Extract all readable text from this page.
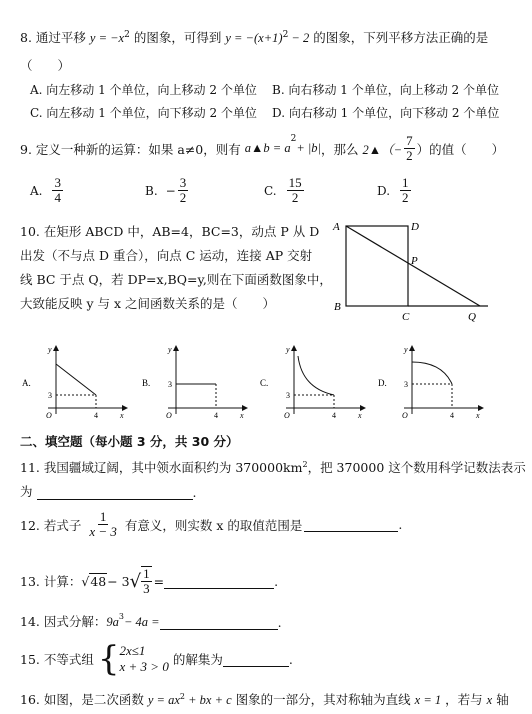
8. 通过平移 $y = -x^2$ 的图象，可得到 $y = -(x+1)^2 - 2$ 的图象，下列平移方法正确的是
（　　）
A. 向左移动 1 个单位，向上移动 2 个单位 B. 向右移动 1 个单位，向上移动 2 个单位
C. 向左移动 1 个单位，向下移动 2 个单位 D. 向右移动 1 个单位，向下移动 2 个单位
9. 定义一种新的运算：如果 a≠0，则有 a▲b = a
$^2$
+ |b| ，那么 2▲（− $\frac{7}{2}$ ）的值（　　）
A. $\frac{3}{4}$	B. − $\frac{3}{2}$	C. $\frac{15}{2}$	D. $\frac{1}{2}$
10. 在矩形 ABCD 中，AB=4，BC=3，动点 P 从 D
出发（不与点 D 重合），向点 C 运动，连接 AP 交射
线 BC 于点 Q，若 DP=x,BQ=y,则在下面函数图象中，
大致能反映 y 与 x 之间函数关系的是（　　）
A	D
P
B
C	Q
A.
y
x
O
3
4
B.
y
x
O
3
4
C.
y
x
O
3
4
D.
y
x
O
3
4
二、填空题（每小题 3 分，共 30 分）
11. 我国疆域辽阔，其中领水面积约为 $370000km^2$，把 370000 这个数用科学记数法表示
为	.
12. 若式子 $\frac{1}{x - 3}$ 有意义，则实数 x 的取值范围是	.
13. 计算： √ 48 − 3 √ $\frac{1}{3}$ =	.
14. 因式分解： $9a^3 - 4a$ =	.
15. 不等式组 { 2x≤1
x + 3 > 0 的解集为	.
16. 如图，是二次函数 $y = ax^2$ + bx + c 图象的一部分，其对称轴为直线 x = 1 ，若与 x 轴
